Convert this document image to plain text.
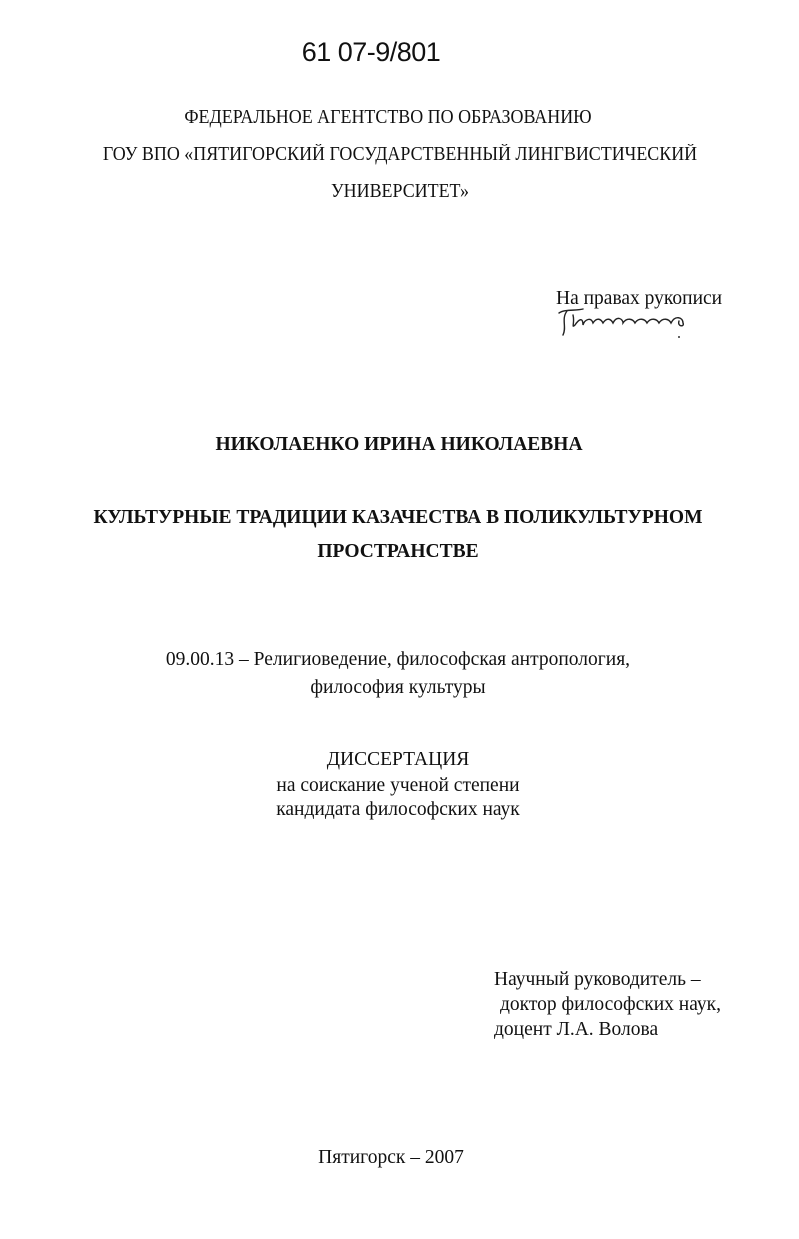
61 07-9/801
ФЕДЕРАЛЬНОЕ АГЕНТСТВО ПО ОБРАЗОВАНИЮ
ГОУ ВПО «ПЯТИГОРСКИЙ ГОСУДАРСТВЕННЫЙ ЛИНГВИСТИЧЕСКИЙ
УНИВЕРСИТЕТ»
На правах рукописи
НИКОЛАЕНКО ИРИНА НИКОЛАЕВНА
КУЛЬТУРНЫЕ ТРАДИЦИИ КАЗАЧЕСТВА В ПОЛИКУЛЬТУРНОМ
ПРОСТРАНСТВЕ
09.00.13 – Религиоведение, философская антропология,
философия культуры
ДИССЕРТАЦИЯ
на соискание ученой степени
кандидата философских наук
Научный руководитель –
доктор философских наук,
доцент Л.А. Волова
Пятигорск – 2007
